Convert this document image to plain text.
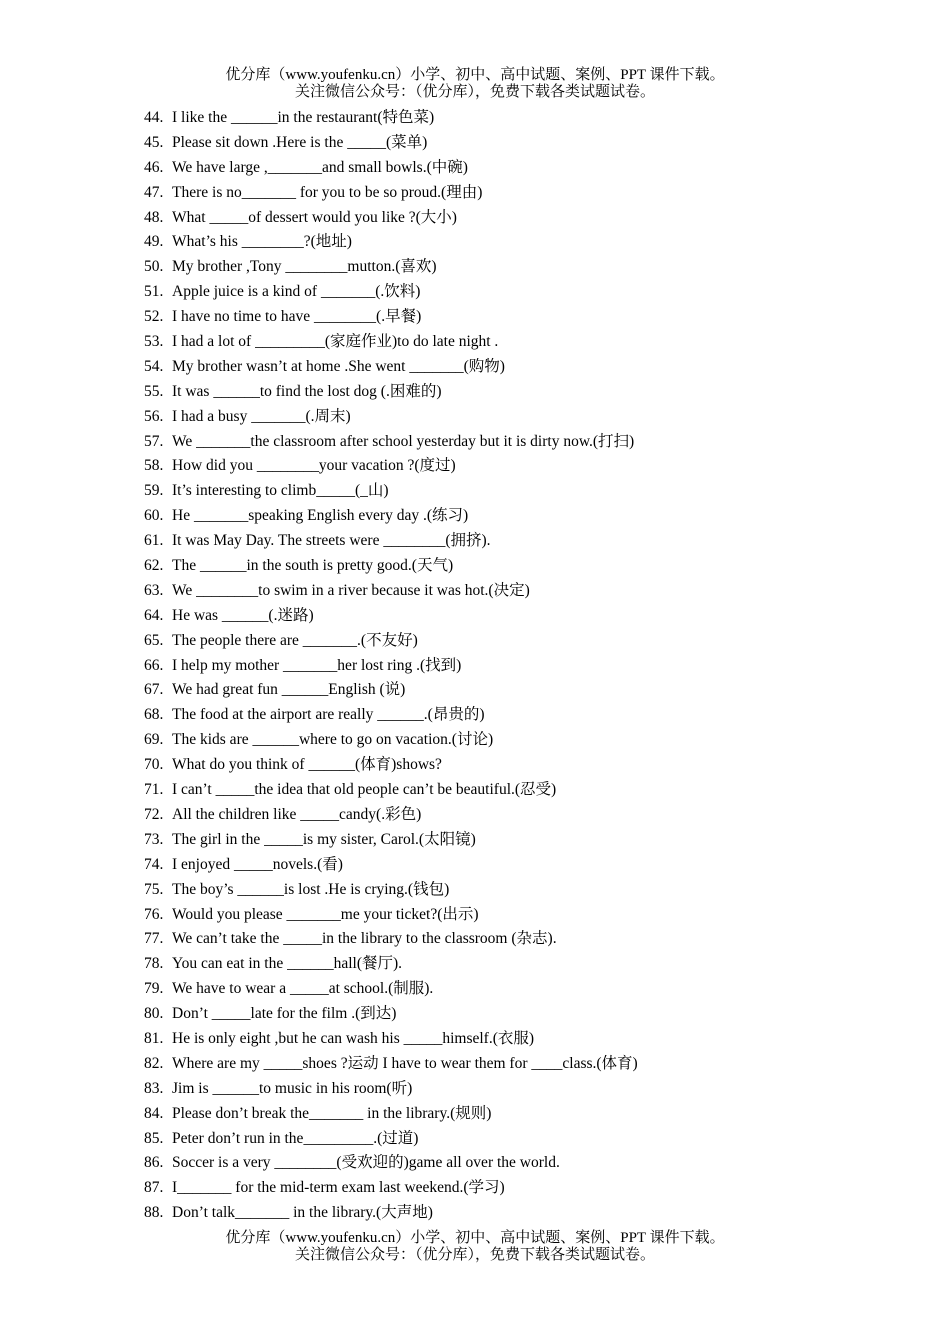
优分库（www.youfenku.cn）小学、初中、高中试题、案例、PPT 课件下载。
关注微信公众号：（优分库），免费下载各类试题试卷。
44. I like the ______in the restaurant(特色菜)
45. Please sit down .Here is the _____(菜单)
46. We have large ,_______and small bowls.(中碗)
47. There is no_______ for you to be so proud.(理由)
48. What _____of dessert would you like ?(大小)
49. What’s his ________?(地址)
50. My brother ,Tony ________mutton.(喜欢)
51. Apple juice is a kind of _______(.饮料)
52. I have no time to have ________(.早餐)
53. I had a lot of _________(家庭作业)to do late night .
54. My brother wasn’t at home .She went _______(购物)
55. It was ______to find the lost dog (.困难的)
56. I had a busy _______(.周末)
57. We _______the classroom after school yesterday but it is dirty now.(打扫)
58. How did you ________your vacation ?(度过)
59. It’s interesting to climb_____(_山)
60. He _______speaking English every day .(练习)
61. It was May Day. The streets were ________(拥挤).
62. The ______in the south is pretty good.(天气)
63. We ________to swim in a river because it was hot.(决定)
64. He was ______(.迷路)
65. The people there are _______.(不友好)
66. I help my mother _______her lost ring .(找到)
67. We had great fun ______English (说)
68. The food at the airport are really ______.(昂贵的)
69. The kids are ______where to go on vacation.(讨论)
70. What do you think of ______(体育)shows?
71. I can’t _____the idea that old people can’t be beautiful.(忍受)
72. All the children like _____candy(.彩色)
73. The girl in the _____is my sister, Carol.(太阳镜)
74. I enjoyed _____novels.(看)
75. The boy’s ______is lost .He is crying.(钱包)
76. Would you please _______me your ticket?(出示)
77. We can’t take the _____in the library to the classroom (杂志).
78. You can eat in the ______hall(餐厅).
79. We have to wear a _____at school.(制服).
80. Don’t _____late for the film .(到达)
81. He is only eight ,but he can wash his _____himself.(衣服)
82. Where are my _____shoes ?运动 I have to wear them for ____class.(体育)
83. Jim is ______to music in his room(听)
84. Please don’t break the_______ in the library.(规则)
85. Peter don’t run in the_________.(过道)
86. Soccer is a very ________(受欢迎的)game all over the world.
87. I_______ for the mid-term exam last weekend.(学习)
88. Don’t talk_______ in the library.(大声地)
优分库（www.youfenku.cn）小学、初中、高中试题、案例、PPT 课件下载。
关注微信公众号：（优分库），免费下载各类试题试卷。
